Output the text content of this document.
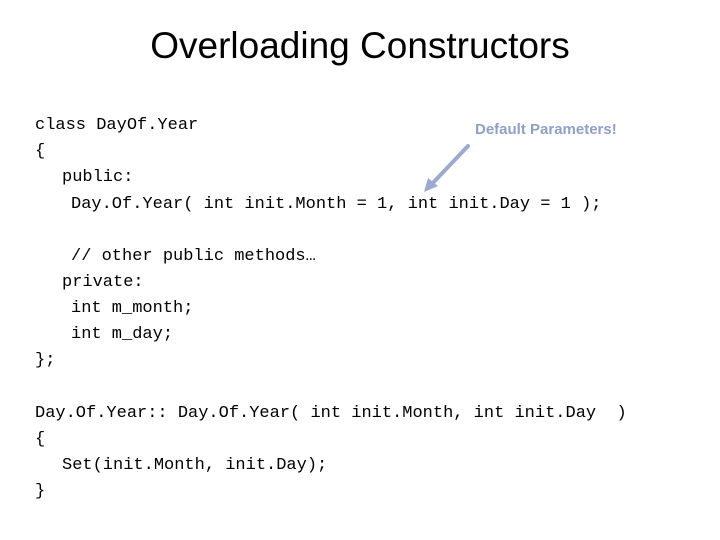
Overloading Constructors
Default Parameters!
class DayOf.Year
{
public:
Day.Of.Year( int init.Month = 1, int init.Day = 1 );
// other public methods…
private:
int m_month;
int m_day;
};
Day.Of.Year:: Day.Of.Year( int init.Month, int init.Day  )
{
Set(init.Month, init.Day);
}
